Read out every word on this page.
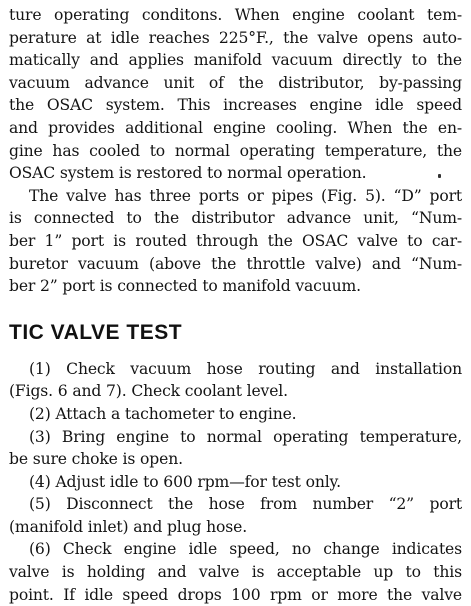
ture operating conditons. When engine coolant tem-
perature at idle reaches 225°F., the valve opens auto-
matically and applies manifold vacuum directly to the
vacuum advance unit of the distributor, by-passing
the OSAC system. This increases engine idle speed
and provides additional engine cooling. When the en-
gine has cooled to normal operating temperature, the
OSAC system is restored to normal operation.
The valve has three ports or pipes (Fig. 5). “D” port
is connected to the distributor advance unit, “Num-
ber 1” port is routed through the OSAC valve to car-
buretor vacuum (above the throttle valve) and “Num-
ber 2” port is connected to manifold vacuum.
TIC VALVE TEST
(1) Check vacuum hose routing and installation
(Figs. 6 and 7). Check coolant level.
(2) Attach a tachometer to engine.
(3) Bring engine to normal operating temperature,
be sure choke is open.
(4) Adjust idle to 600 rpm—for test only.
(5) Disconnect the hose from number “2” port
(manifold inlet) and plug hose.
(6) Check engine idle speed, no change indicates
valve is holding and valve is acceptable up to this
point. If idle speed drops 100 rpm or more the valve
